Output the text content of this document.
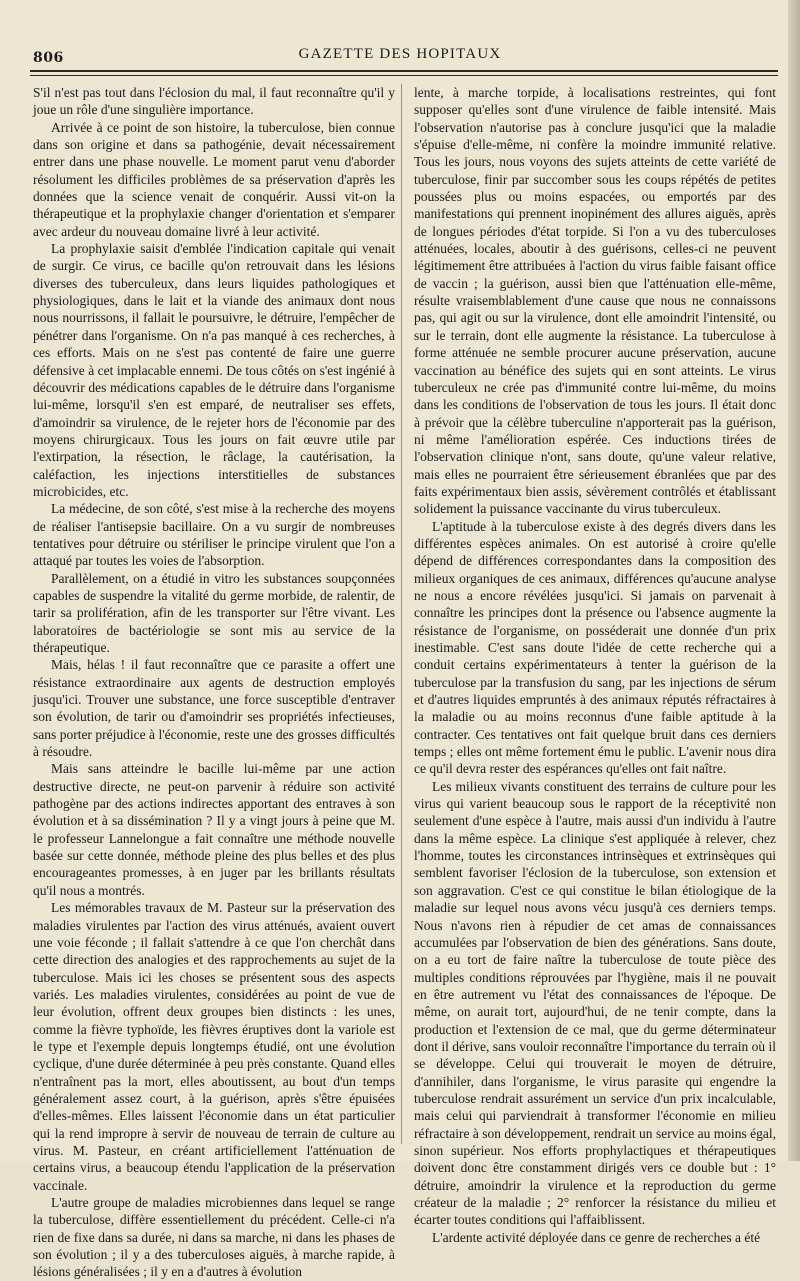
806	GAZETTE DES HOPITAUX

S'il n'est pas tout dans l'éclosion du mal, il faut reconnaître qu'il y joue un rôle d'une singulière importance.

Arrivée à ce point de son histoire, la tuberculose, bien connue dans son origine et dans sa pathogénie, devait nécessairement entrer dans une phase nouvelle. Le moment parut venu d'aborder résolument les difficiles problèmes de sa préservation d'après les données que la science venait de conquérir. Aussi vit-on la thérapeutique et la prophylaxie changer d'orientation et s'emparer avec ardeur du nouveau domaine livré à leur activité.

La prophylaxie saisit d'emblée l'indication capitale qui venait de surgir. Ce virus, ce bacille qu'on retrouvait dans les lésions diverses des tuberculeux, dans leurs liquides pathologiques et physiologiques, dans le lait et la viande des animaux dont nous nous nourrissons, il fallait le poursuivre, le détruire, l'empêcher de pénétrer dans l'organisme. On n'a pas manqué à ces recherches, à ces efforts. Mais on ne s'est pas contenté de faire une guerre défensive à cet implacable ennemi. De tous côtés on s'est ingénié à découvrir des médications capables de le détruire dans l'organisme lui-même, lorsqu'il s'en est emparé, de neutraliser ses effets, d'amoindrir sa virulence, de le rejeter hors de l'économie par des moyens chirurgicaux. Tous les jours on fait œuvre utile par l'extirpation, la résection, le râclage, la cautérisation, la caléfaction, les injections interstitielles de substances microbicides, etc.

La médecine, de son côté, s'est mise à la recherche des moyens de réaliser l'antisepsie bacillaire. On a vu surgir de nombreuses tentatives pour détruire ou stériliser le principe virulent que l'on a attaqué par toutes les voies de l'absorption.

Parallèlement, on a étudié in vitro les substances soupçonnées capables de suspendre la vitalité du germe morbide, de ralentir, de tarir sa prolifération, afin de les transporter sur l'être vivant. Les laboratoires de bactériologie se sont mis au service de la thérapeutique.

Mais, hélas ! il faut reconnaître que ce parasite a offert une résistance extraordinaire aux agents de destruction employés jusqu'ici. Trouver une substance, une force susceptible d'entraver son évolution, de tarir ou d'amoindrir ses propriétés infectieuses, sans porter préjudice à l'économie, reste une des grosses difficultés à résoudre.

Mais sans atteindre le bacille lui-même par une action destructive directe, ne peut-on parvenir à réduire son activité pathogène par des actions indirectes apportant des entraves à son évolution et à sa dissémination ? Il y a vingt jours à peine que M. le professeur Lannelongue a fait connaître une méthode nouvelle basée sur cette donnée, méthode pleine des plus belles et des plus encourageantes promesses, à en juger par les brillants résultats qu'il nous a montrés.

Les mémorables travaux de M. Pasteur sur la préservation des maladies virulentes par l'action des virus atténués, avaient ouvert une voie féconde ; il fallait s'attendre à ce que l'on cherchât dans cette direction des analogies et des rapprochements au sujet de la tuberculose. Mais ici les choses se présentent sous des aspects variés. Les maladies virulentes, considérées au point de vue de leur évolution, offrent deux groupes bien distincts : les unes, comme la fièvre typhoïde, les fièvres éruptives dont la variole est le type et l'exemple depuis longtemps étudié, ont une évolution cyclique, d'une durée déterminée à peu près constante. Quand elles n'entraînent pas la mort, elles aboutissent, au bout d'un temps généralement assez court, à la guérison, après s'être épuisées d'elles-mêmes. Elles laissent l'économie dans un état particulier qui la rend impropre à servir de nouveau de terrain de culture au virus. M. Pasteur, en créant artificiellement l'atténuation de certains virus, a beaucoup étendu l'application de la préservation vaccinale.

L'autre groupe de maladies microbiennes dans lequel se range la tuberculose, diffère essentiellement du précédent. Celle-ci n'a rien de fixe dans sa durée, ni dans sa marche, ni dans les phases de son évolution ; il y a des tuberculoses aiguës, à marche rapide, à lésions généralisées ; il y en a d'autres à évolution

lente, à marche torpide, à localisations restreintes, qui font supposer qu'elles sont d'une virulence de faible intensité. Mais l'observation n'autorise pas à conclure jusqu'ici que la maladie s'épuise d'elle-même, ni confère la moindre immunité relative. Tous les jours, nous voyons des sujets atteints de cette variété de tuberculose, finir par succomber sous les coups répétés de petites poussées plus ou moins espacées, ou emportés par des manifestations qui prennent inopinément des allures aiguës, après de longues périodes d'état torpide. Si l'on a vu des tuberculoses atténuées, locales, aboutir à des guérisons, celles-ci ne peuvent légitimement être attribuées à l'action du virus faible faisant office de vaccin ; la guérison, aussi bien que l'atténuation elle-même, résulte vraisemblablement d'une cause que nous ne connaissons pas, qui agit ou sur la virulence, dont elle amoindrit l'intensité, ou sur le terrain, dont elle augmente la résistance. La tuberculose à forme atténuée ne semble procurer aucune préservation, aucune vaccination au bénéfice des sujets qui en sont atteints. Le virus tuberculeux ne crée pas d'immunité contre lui-même, du moins dans les conditions de l'observation de tous les jours. Il était donc à prévoir que la célèbre tuberculine n'apporterait pas la guérison, ni même l'amélioration espérée. Ces inductions tirées de l'observation clinique n'ont, sans doute, qu'une valeur relative, mais elles ne pourraient être sérieusement ébranlées que par des faits expérimentaux bien assis, sévèrement contrôlés et établissant solidement la puissance vaccinante du virus tuberculeux.

L'aptitude à la tuberculose existe à des degrés divers dans les différentes espèces animales. On est autorisé à croire qu'elle dépend de différences correspondantes dans la composition des milieux organiques de ces animaux, différences qu'aucune analyse ne nous a encore révélées jusqu'ici. Si jamais on parvenait à connaître les principes dont la présence ou l'absence augmente la résistance de l'organisme, on posséderait une donnée d'un prix inestimable. C'est sans doute l'idée de cette recherche qui a conduit certains expérimentateurs à tenter la guérison de la tuberculose par la transfusion du sang, par les injections de sérum et d'autres liquides empruntés à des animaux réputés réfractaires à la maladie ou au moins reconnus d'une faible aptitude à la contracter. Ces tentatives ont fait quelque bruit dans ces derniers temps ; elles ont même fortement ému le public. L'avenir nous dira ce qu'il devra rester des espérances qu'elles ont fait naître.

Les milieux vivants constituent des terrains de culture pour les virus qui varient beaucoup sous le rapport de la réceptivité non seulement d'une espèce à l'autre, mais aussi d'un individu à l'autre dans la même espèce. La clinique s'est appliquée à relever, chez l'homme, toutes les circonstances intrinsèques et extrinsèques qui semblent favoriser l'éclosion de la tuberculose, son extension et son aggravation. C'est ce qui constitue le bilan étiologique de la maladie sur lequel nous avons vécu jusqu'à ces derniers temps. Nous n'avons rien à répudier de cet amas de connaissances accumulées par l'observation de bien des générations. Sans doute, on a eu tort de faire naître la tuberculose de toute pièce des multiples conditions réprouvées par l'hygiène, mais il ne pouvait en être autrement vu l'état des connaissances de l'époque. De même, on aurait tort, aujourd'hui, de ne tenir compte, dans la production et l'extension de ce mal, que du germe déterminateur dont il dérive, sans vouloir reconnaître l'importance du terrain où il se développe. Celui qui trouverait le moyen de détruire, d'annihiler, dans l'organisme, le virus parasite qui engendre la tuberculose rendrait assurément un service d'un prix incalculable, mais celui qui parviendrait à transformer l'économie en milieu réfractaire à son développement, rendrait un service au moins égal, sinon supérieur. Nos efforts prophylactiques et thérapeutiques doivent donc être constamment dirigés vers ce double but : 1° détruire, amoindrir la virulence et la reproduction du germe créateur de la maladie ; 2° renforcer la résistance du milieu et écarter toutes conditions qui l'affaiblissent.

L'ardente activité déployée dans ce genre de recherches a été
